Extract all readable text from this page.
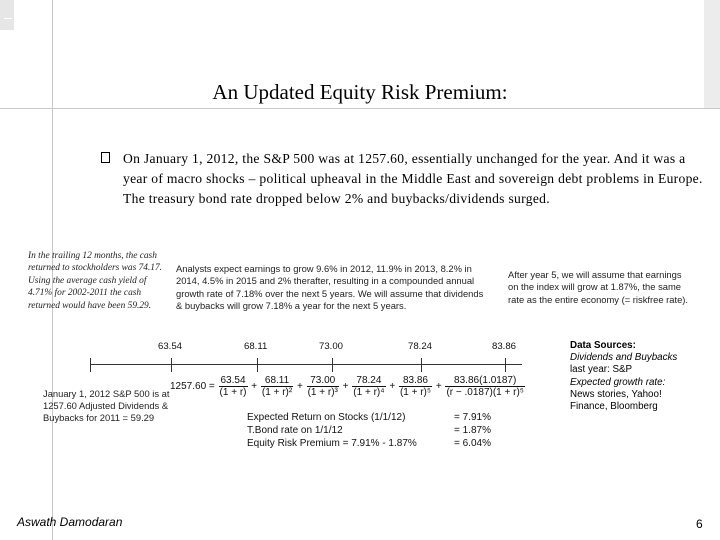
An Updated Equity Risk Premium:
On January 1, 2012, the S&P 500 was at 1257.60, essentially unchanged for the year. And it was a year of macro shocks – political upheaval in the Middle East and sovereign debt problems in Europe. The treasury bond rate dropped below 2% and buybacks/dividends surged.
In the trailing 12 months, the cash returned to stockholders was 74.17. Using the average cash yield of 4.71% for 2002-2011 the cash returned would have been 59.29.
Analysts expect earnings to grow 9.6% in 2012, 11.9% in 2013, 8.2% in 2014, 4.5% in 2015 and 2% therafter, resulting in a compounded annual growth rate of 7.18% over the next 5 years. We will assume that dividends & buybacks will grow 7.18% a year for the next 5 years.
After year 5, we will assume that earnings on the index will grow at 1.87%, the same rate as the entire economy (= riskfree rate).
63.54	68.11	73.00	78.24	83.86
$1257.60 = \frac{63.54}{(1 + r)} + \frac{68.11}{\text{(1 + r)²}} + \frac{73.00}{\text{(1 + r)³}} + \frac{78.24}{\text{(1 + r)⁴}} + \frac{83.86}{\text{(1 + r)⁵}} + \frac{83.86(1.0187)}{\text{(r − .0187)(1 + r)⁵}}$
January 1, 2012 S&P 500 is at 1257.60 Adjusted Dividends & Buybacks for 2011 = 59.29	Expected Return on Stocks (1/1/12)	= 7.91%
T.Bond rate on 1/1/12	= 1.87%
Equity Risk Premium = 7.91% - 1.87%	= 6.04%
Data Sources:
Dividends and Buybacks
last year: S&P
Expected growth rate:
News stories, Yahoo!
Finance, Bloomberg
Aswath Damodaran	6
